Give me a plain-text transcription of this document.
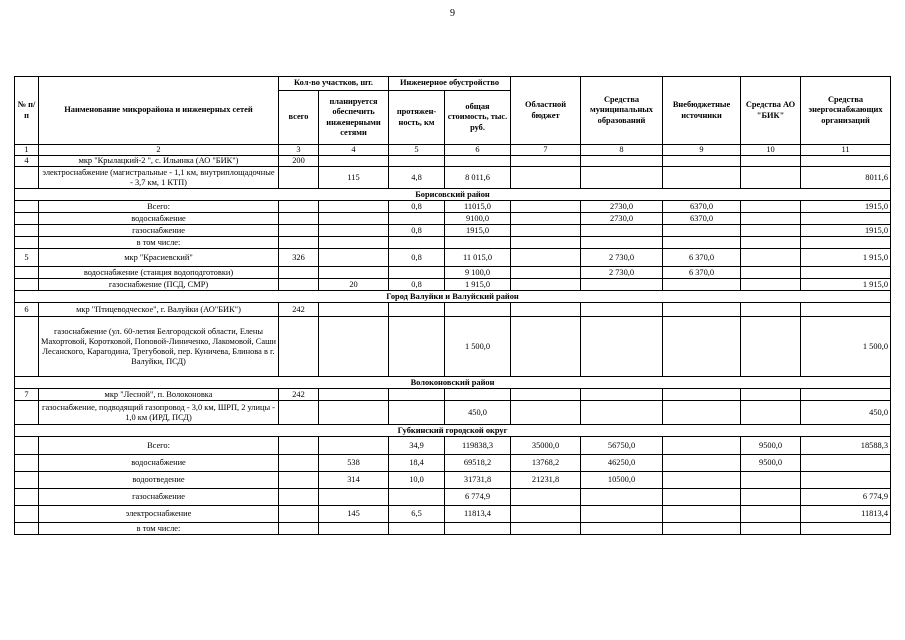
9
№ п/п	Наименование микрорайона и инженерных сетей	Кол-во участков, шт.		Инженерное обустройство		Областной бюджет	Средства муниципальных образований	Внебюджетные источники	Средства АО "БИК"	Средства энергоснабжающих организаций
		всего	планируется обеспечить инженерными сетями	протяжен-ность, км	общая стоимость, тыс. руб.					
1	2	3	4	5	6	7	8	9	10	11
4	мкр "Крылацкий-2 ", с. Ильинка (АО "БИК")	200								
	электроснабжение (магистральные - 1,1 км, внутриплощадочные - 3,7 км, 1 КТП)		115	4,8	8 011,6					8011,6
Борисовский район										
	Всего:			0,8	11015,0		2730,0	6370,0		1915,0
	водоснабжение				9100,0		2730,0	6370,0		
	газоснабжение			0,8	1915,0					1915,0
	в том числе:									
5	мкр "Красиевский"	326		0,8	11 015,0		2 730,0	6 370,0		1 915,0
	водоснабжение (станция водоподготовки)				9 100,0		2 730,0	6 370,0		
	газоснабжение (ПСД, СМР)		20	0,8	1 915,0					1 915,0
Город Валуйки и Валуйский район										
6	мкр "Птицеводческое", г. Валуйки (АО"БИК")	242								
	газоснабжение (ул. 60-летия Белгородской области, Елены Махортовой, Коротковой, Поповой-Линиченко, Лакомовой, Саши Лесанского, Карагодина, Трегубовой, пер. Куничева, Блинова в г. Валуйки, ПСД)				1 500,0					1 500,0
Волоконовский район										
7	мкр "Лесной", п. Волоконовка	242								
	газоснабжение, подводящий газопровод - 3,0 км, ШРП, 2 улицы - 1,0 км (ИРД, ПСД)				450,0					450,0
Губкинский городской округ										
	Всего:			34,9	119838,3	35000,0	56750,0		9500,0	18588,3
	водоснабжение		538	18,4	69518,2	13768,2	46250,0		9500,0	
	водоотведение		314	10,0	31731,8	21231,8	10500,0			
	газоснабжение				6 774,9					6 774,9
	электроснабжение		145	6,5	11813,4					11813,4
	в том числе:									
